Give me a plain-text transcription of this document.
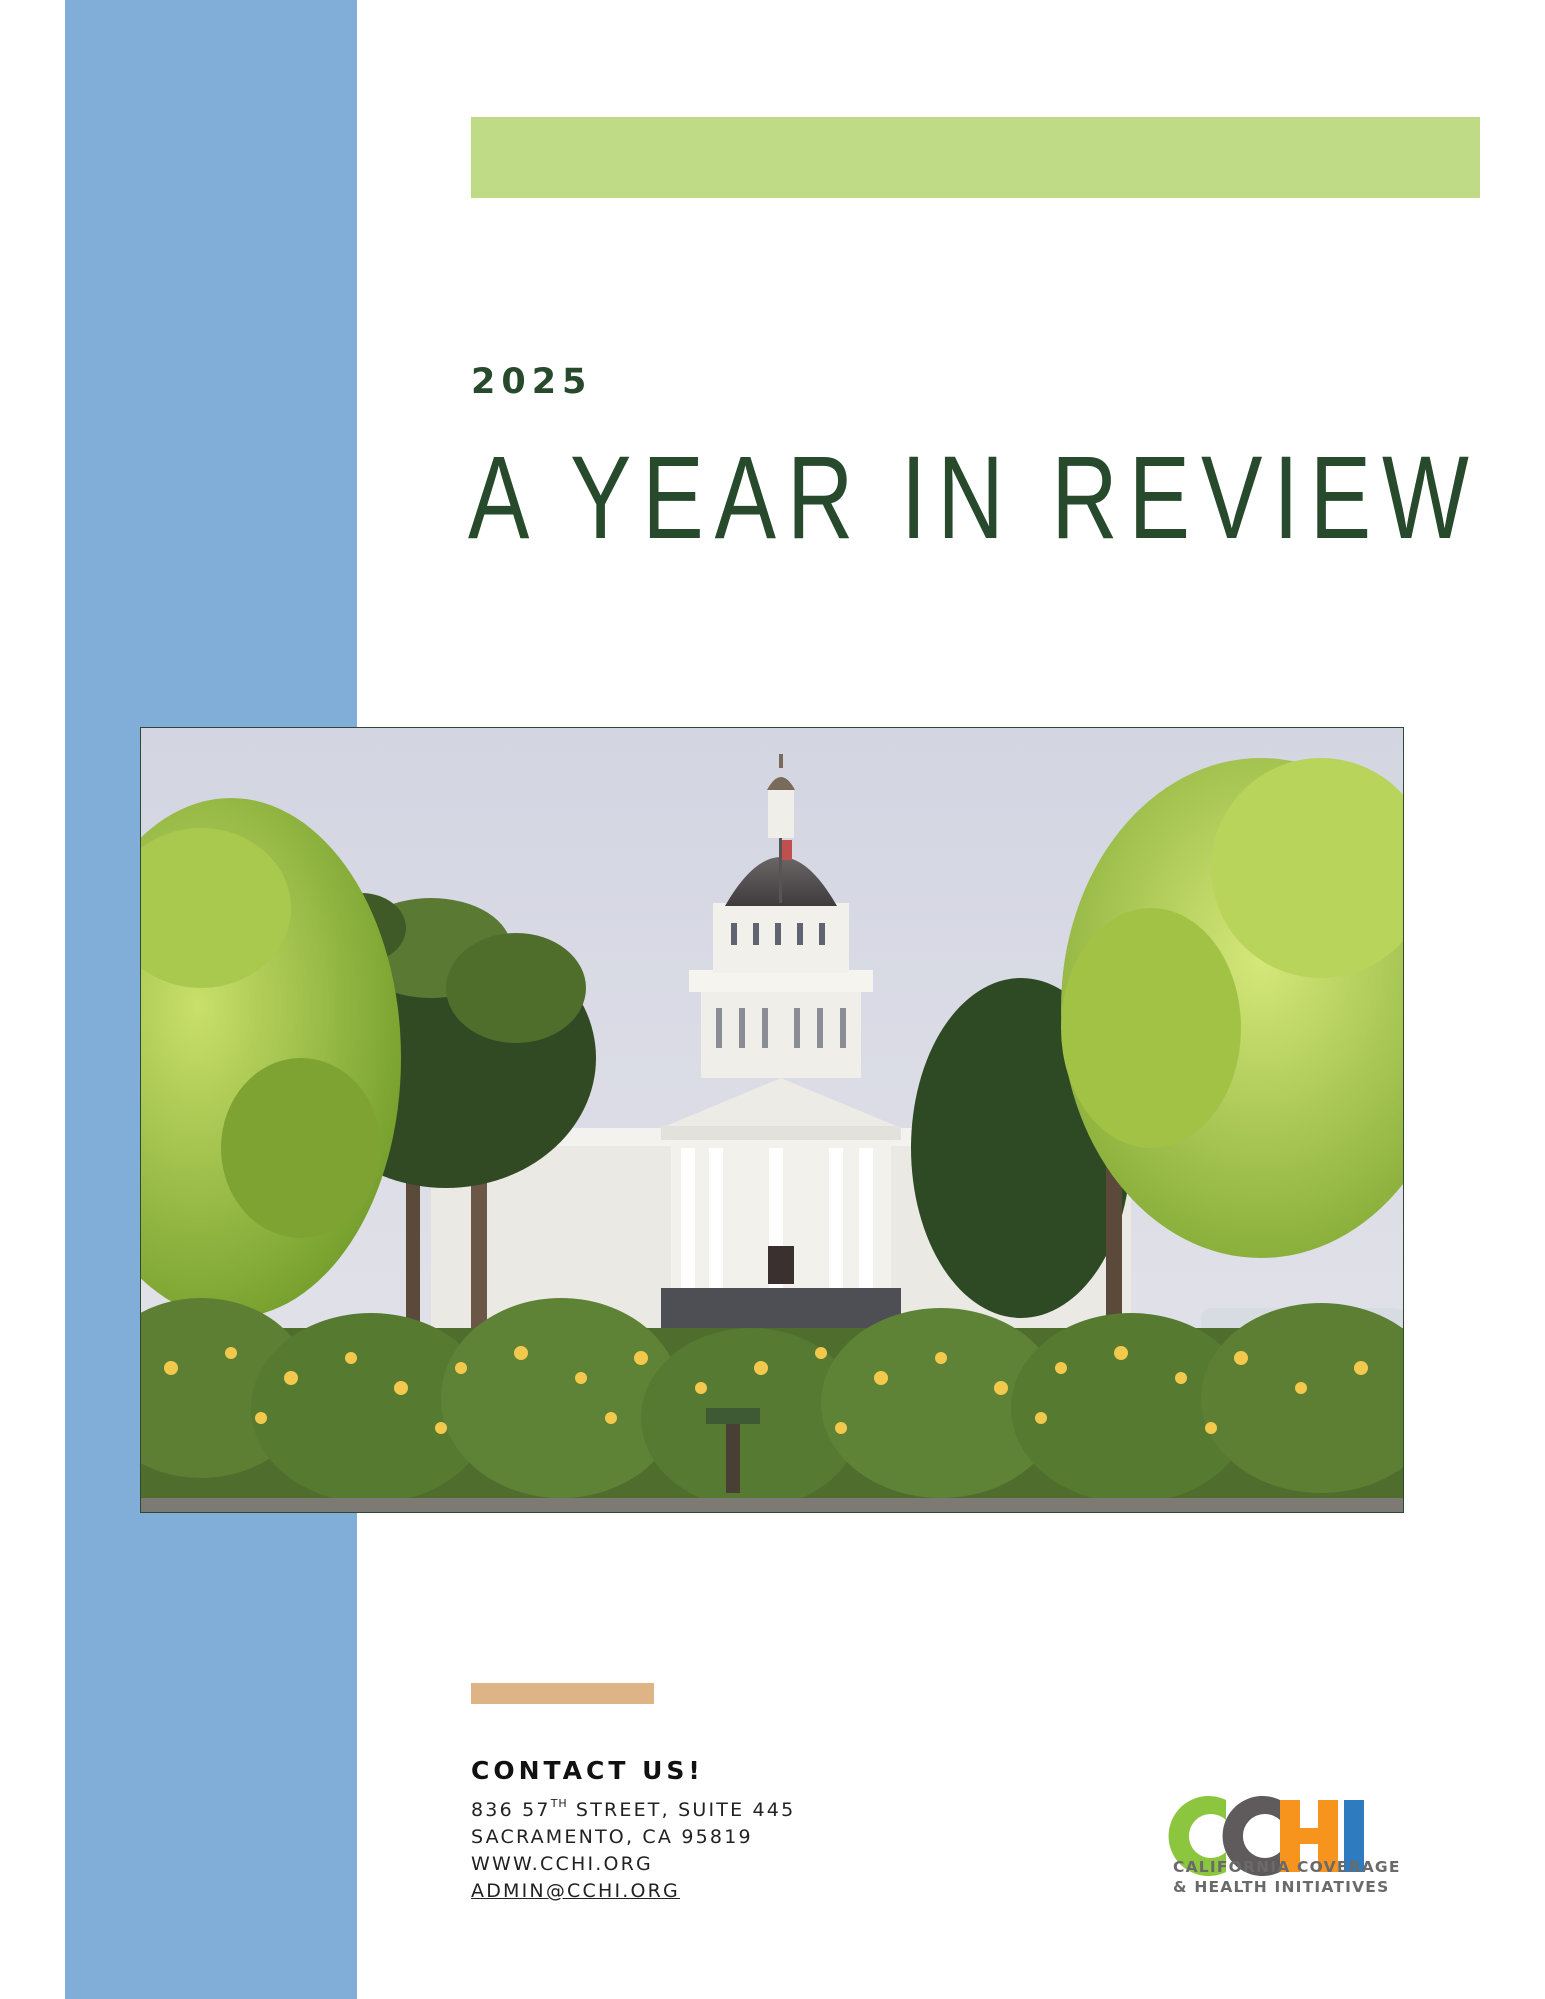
2025
A YEAR IN REVIEW
CONTACT US!
836 57TH STREET, SUITE 445
SACRAMENTO, CA 95819
WWW.CCHI.ORG
ADMIN@CCHI.ORG
CALIFORNIA COVERAGE
& HEALTH INITIATIVES
